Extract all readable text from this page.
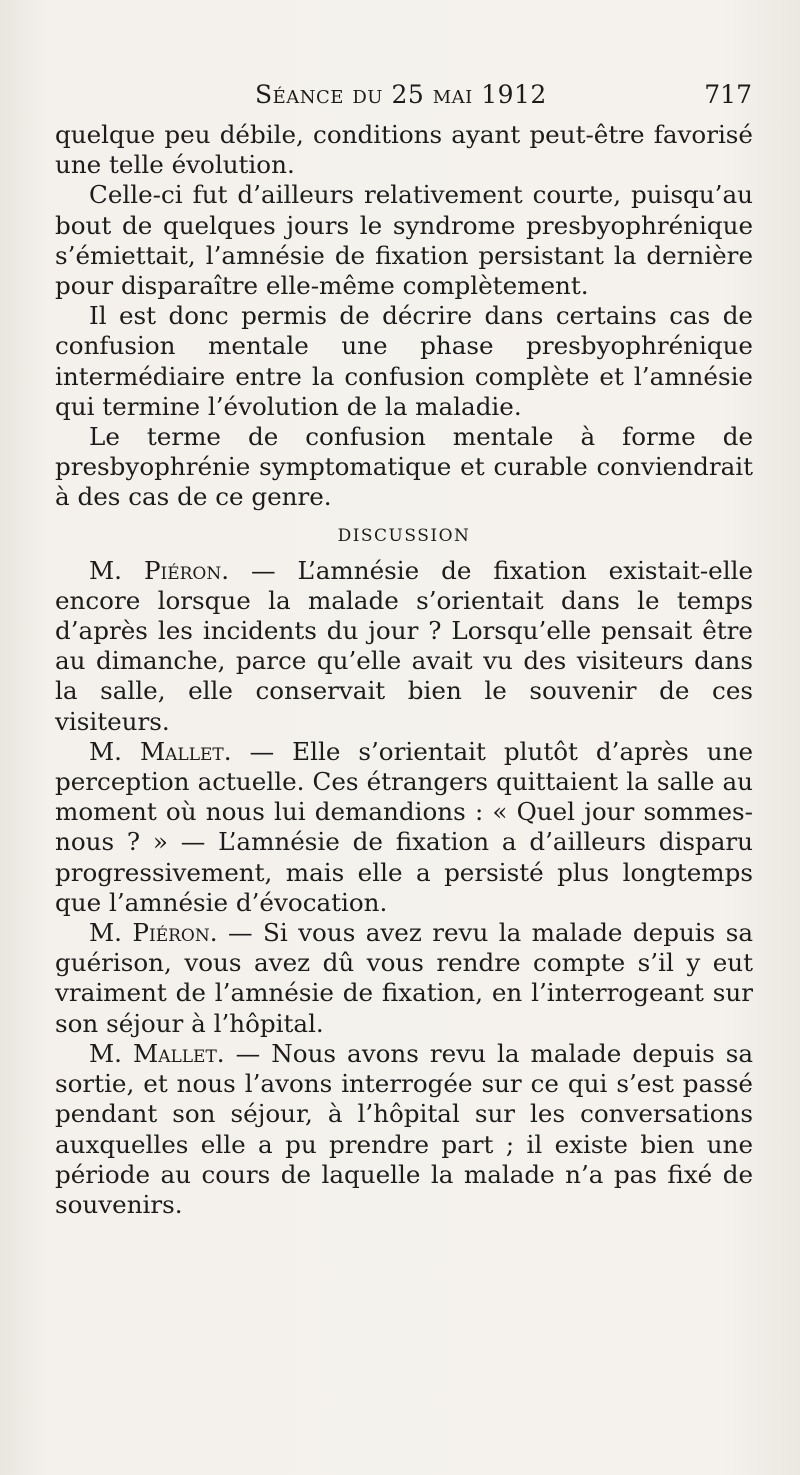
Séance du 25 mai 1912	717

quelque peu débile, conditions ayant peut-être favorisé une telle évolution.

Celle-ci fut d’ailleurs relativement courte, puisqu’au bout de quelques jours le syndrome presbyophrénique s’émiettait, l’amnésie de fixation persistant la dernière pour disparaître elle-même complètement.

Il est donc permis de décrire dans certains cas de confusion mentale une phase presbyophrénique intermédiaire entre la confusion complète et l’amnésie qui termine l’évolution de la maladie.

Le terme de confusion mentale à forme de presbyophrénie symptomatique et curable conviendrait à des cas de ce genre.

DISCUSSION

M. Piéron. — L’amnésie de fixation existait-elle encore lorsque la malade s’orientait dans le temps d’après les incidents du jour ? Lorsqu’elle pensait être au dimanche, parce qu’elle avait vu des visiteurs dans la salle, elle conservait bien le souvenir de ces visiteurs.

M. Mallet. — Elle s’orientait plutôt d’après une perception actuelle. Ces étrangers quittaient la salle au moment où nous lui demandions : « Quel jour sommes-nous ? » — L’amnésie de fixation a d’ailleurs disparu progressivement, mais elle a persisté plus longtemps que l’amnésie d’évocation.

M. Piéron. — Si vous avez revu la malade depuis sa guérison, vous avez dû vous rendre compte s’il y eut vraiment de l’amnésie de fixation, en l’interrogeant sur son séjour à l’hôpital.

M. Mallet. — Nous avons revu la malade depuis sa sortie, et nous l’avons interrogée sur ce qui s’est passé pendant son séjour, à l’hôpital sur les conversations auxquelles elle a pu prendre part ; il existe bien une période au cours de laquelle la malade n’a pas fixé de souvenirs.
